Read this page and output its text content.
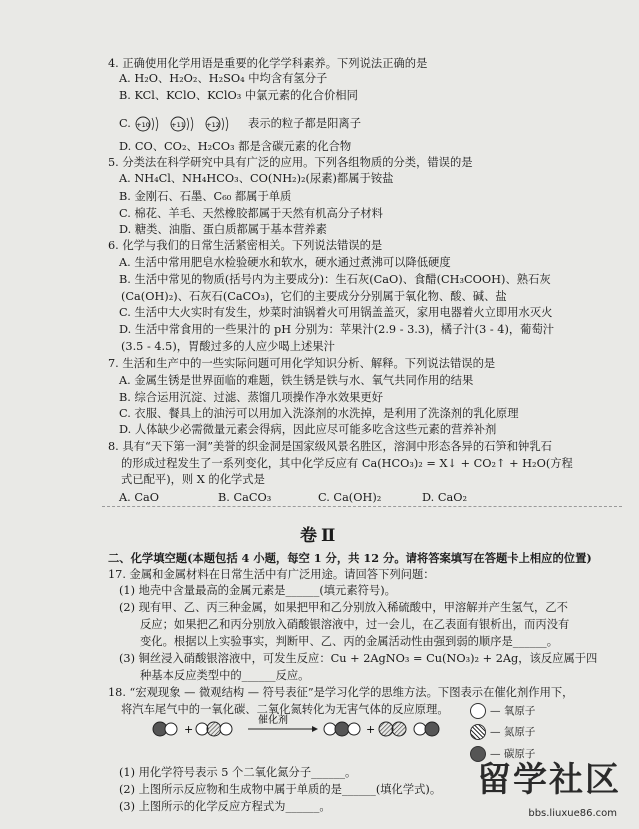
4. 正确使用化学用语是重要的化学学科素养。下列说法正确的是
A. H₂O、H₂O₂、H₂SO₄ 中均含有氢分子
B. KCl、KClO、KClO₃ 中氯元素的化合价相同
C. +10	+11	+12 表示的粒子都是阳离子
D. CO、CO₂、H₂CO₃ 都是含碳元素的化合物
5. 分类法在科学研究中具有广泛的应用。下列各组物质的分类，错误的是
A. NH₄Cl、NH₄HCO₃、CO(NH₂)₂(尿素)都属于铵盐
B. 金刚石、石墨、C₆₀ 都属于单质
C. 棉花、羊毛、天然橡胶都属于天然有机高分子材料
D. 糖类、油脂、蛋白质都属于基本营养素
6. 化学与我们的日常生活紧密相关。下列说法错误的是
A. 生活中常用肥皂水检验硬水和软水，硬水通过煮沸可以降低硬度
B. 生活中常见的物质(括号内为主要成分)：生石灰(CaO)、食醋(CH₃COOH)、熟石灰
(Ca(OH)₂)、石灰石(CaCO₃)，它们的主要成分分别属于氧化物、酸、碱、盐
C. 生活中大火实时有发生，炒菜时油锅着火可用锅盖盖灭，家用电器着火立即用水灭火
D. 生活中常食用的一些果汁的 pH 分别为：苹果汁(2.9 - 3.3)，橘子汁(3 - 4)，葡萄汁
(3.5 - 4.5)，胃酸过多的人应少喝上述果汁
7. 生活和生产中的一些实际问题可用化学知识分析、解释。下列说法错误的是
A. 金属生锈是世界面临的难题，铁生锈是铁与水、氧气共同作用的结果
B. 综合运用沉淀、过滤、蒸馏几项操作净水效果更好
C. 衣服、餐具上的油污可以用加入洗涤剂的水洗掉，是利用了洗涤剂的乳化原理
D. 人体缺少必需微量元素会得病，因此应尽可能多吃含这些元素的营养补剂
8. 具有“天下第一洞”美誉的织金洞是国家级风景名胜区，溶洞中形态各异的石笋和钟乳石
的形成过程发生了一系列变化，其中化学反应有 Ca(HCO₃)₂ = X↓ + CO₂↑ + H₂O(方程
式已配平)，则 X 的化学式是
A. CaO	B. CaCO₃	C. Ca(OH)₂	D. CaO₂
卷Ⅱ
二、化学填空题(本题包括 4 小题，每空 1 分，共 12 分。请将答案填写在答题卡上相应的位置)
17. 金属和金属材料在日常生活中有广泛用途。请回答下列问题：
(1) 地壳中含量最高的金属元素是______(填元素符号)。
(2) 现有甲、乙、丙三种金属，如果把甲和乙分别放入稀硫酸中，甲溶解并产生氢气，乙不
反应；如果把乙和丙分别放入硝酸银溶液中，过一会儿，在乙表面有银析出，而丙没有
变化。根据以上实验事实，判断甲、乙、丙的金属活动性由强到弱的顺序是______。
(3) 铜丝浸入硝酸银溶液中，可发生反应：Cu + 2AgNO₃ = Cu(NO₃)₂ + 2Ag，该反应属于四
种基本反应类型中的______反应。
18. “宏观现象 — 微观结构 — 符号表征”是学习化学的思维方法。下图表示在催化剂作用下，
将汽车尾气中的一氧化碳、二氧化氮转化为无害气体的反应原理。
+
催化剂
+
— 氧原子
— 氮原子
— 碳原子
(1) 用化学符号表示 5 个二氧化氮分子______。
(2) 上图所示反应物和生成物中属于单质的是______(填化学式)。
(3) 上图所示的化学反应方程式为______。
留学社区
bbs.liuxue86.com
